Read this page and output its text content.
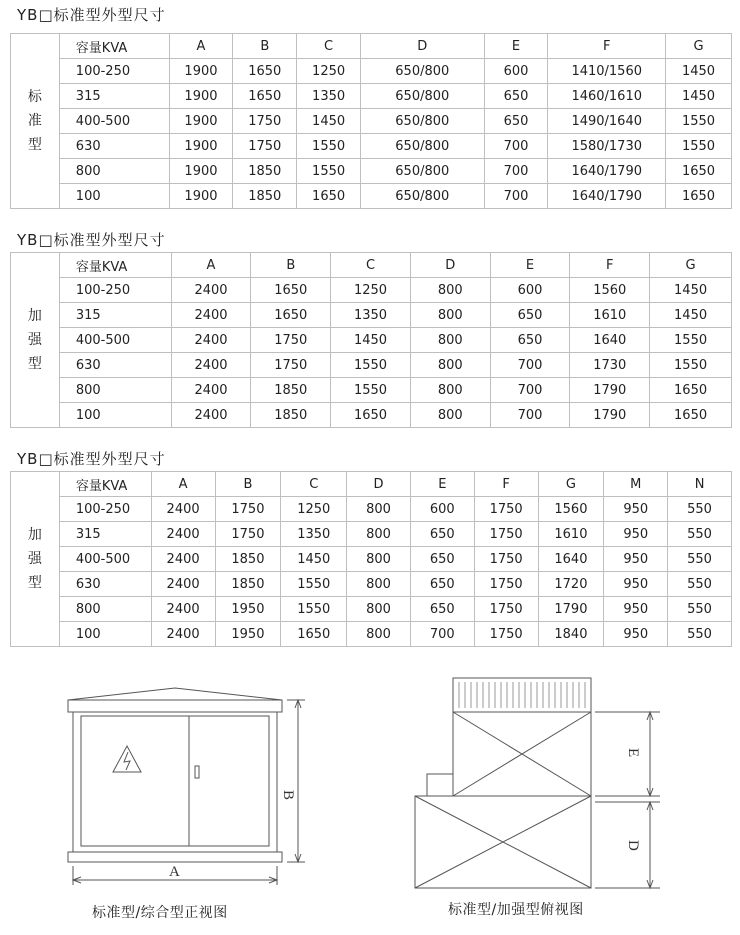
YB□标准型外型尺寸
标
准
型	容量KVA	A	B	C	D	E	F	G
	100-250	1900	1650	1250	650/800	600	1410/1560	1450
	315	1900	1650	1350	650/800	650	1460/1610	1450
	400-500	1900	1750	1450	650/800	650	1490/1640	1550
	630	1900	1750	1550	650/800	700	1580/1730	1550
	800	1900	1850	1550	650/800	700	1640/1790	1650
	100	1900	1850	1650	650/800	700	1640/1790	1650
YB□标准型外型尺寸
加
强
型	容量KVA	A	B	C	D	E	F	G
	100-250	2400	1650	1250	800	600	1560	1450
	315	2400	1650	1350	800	650	1610	1450
	400-500	2400	1750	1450	800	650	1640	1550
	630	2400	1750	1550	800	700	1730	1550
	800	2400	1850	1550	800	700	1790	1650
	100	2400	1850	1650	800	700	1790	1650
YB□标准型外型尺寸
加
强
型	容量KVA	A	B	C	D	E	F	G	M	N
	100-250	2400	1750	1250	800	600	1750	1560	950	550
	315	2400	1750	1350	800	650	1750	1610	950	550
	400-500	2400	1850	1450	800	650	1750	1640	950	550
	630	2400	1850	1550	800	650	1750	1720	950	550
	800	2400	1950	1550	800	650	1750	1790	950	550
	100	2400	1950	1650	800	700	1750	1840	950	550
A
B
标准型/综合型正视图
E
D
标准型/加强型俯视图
